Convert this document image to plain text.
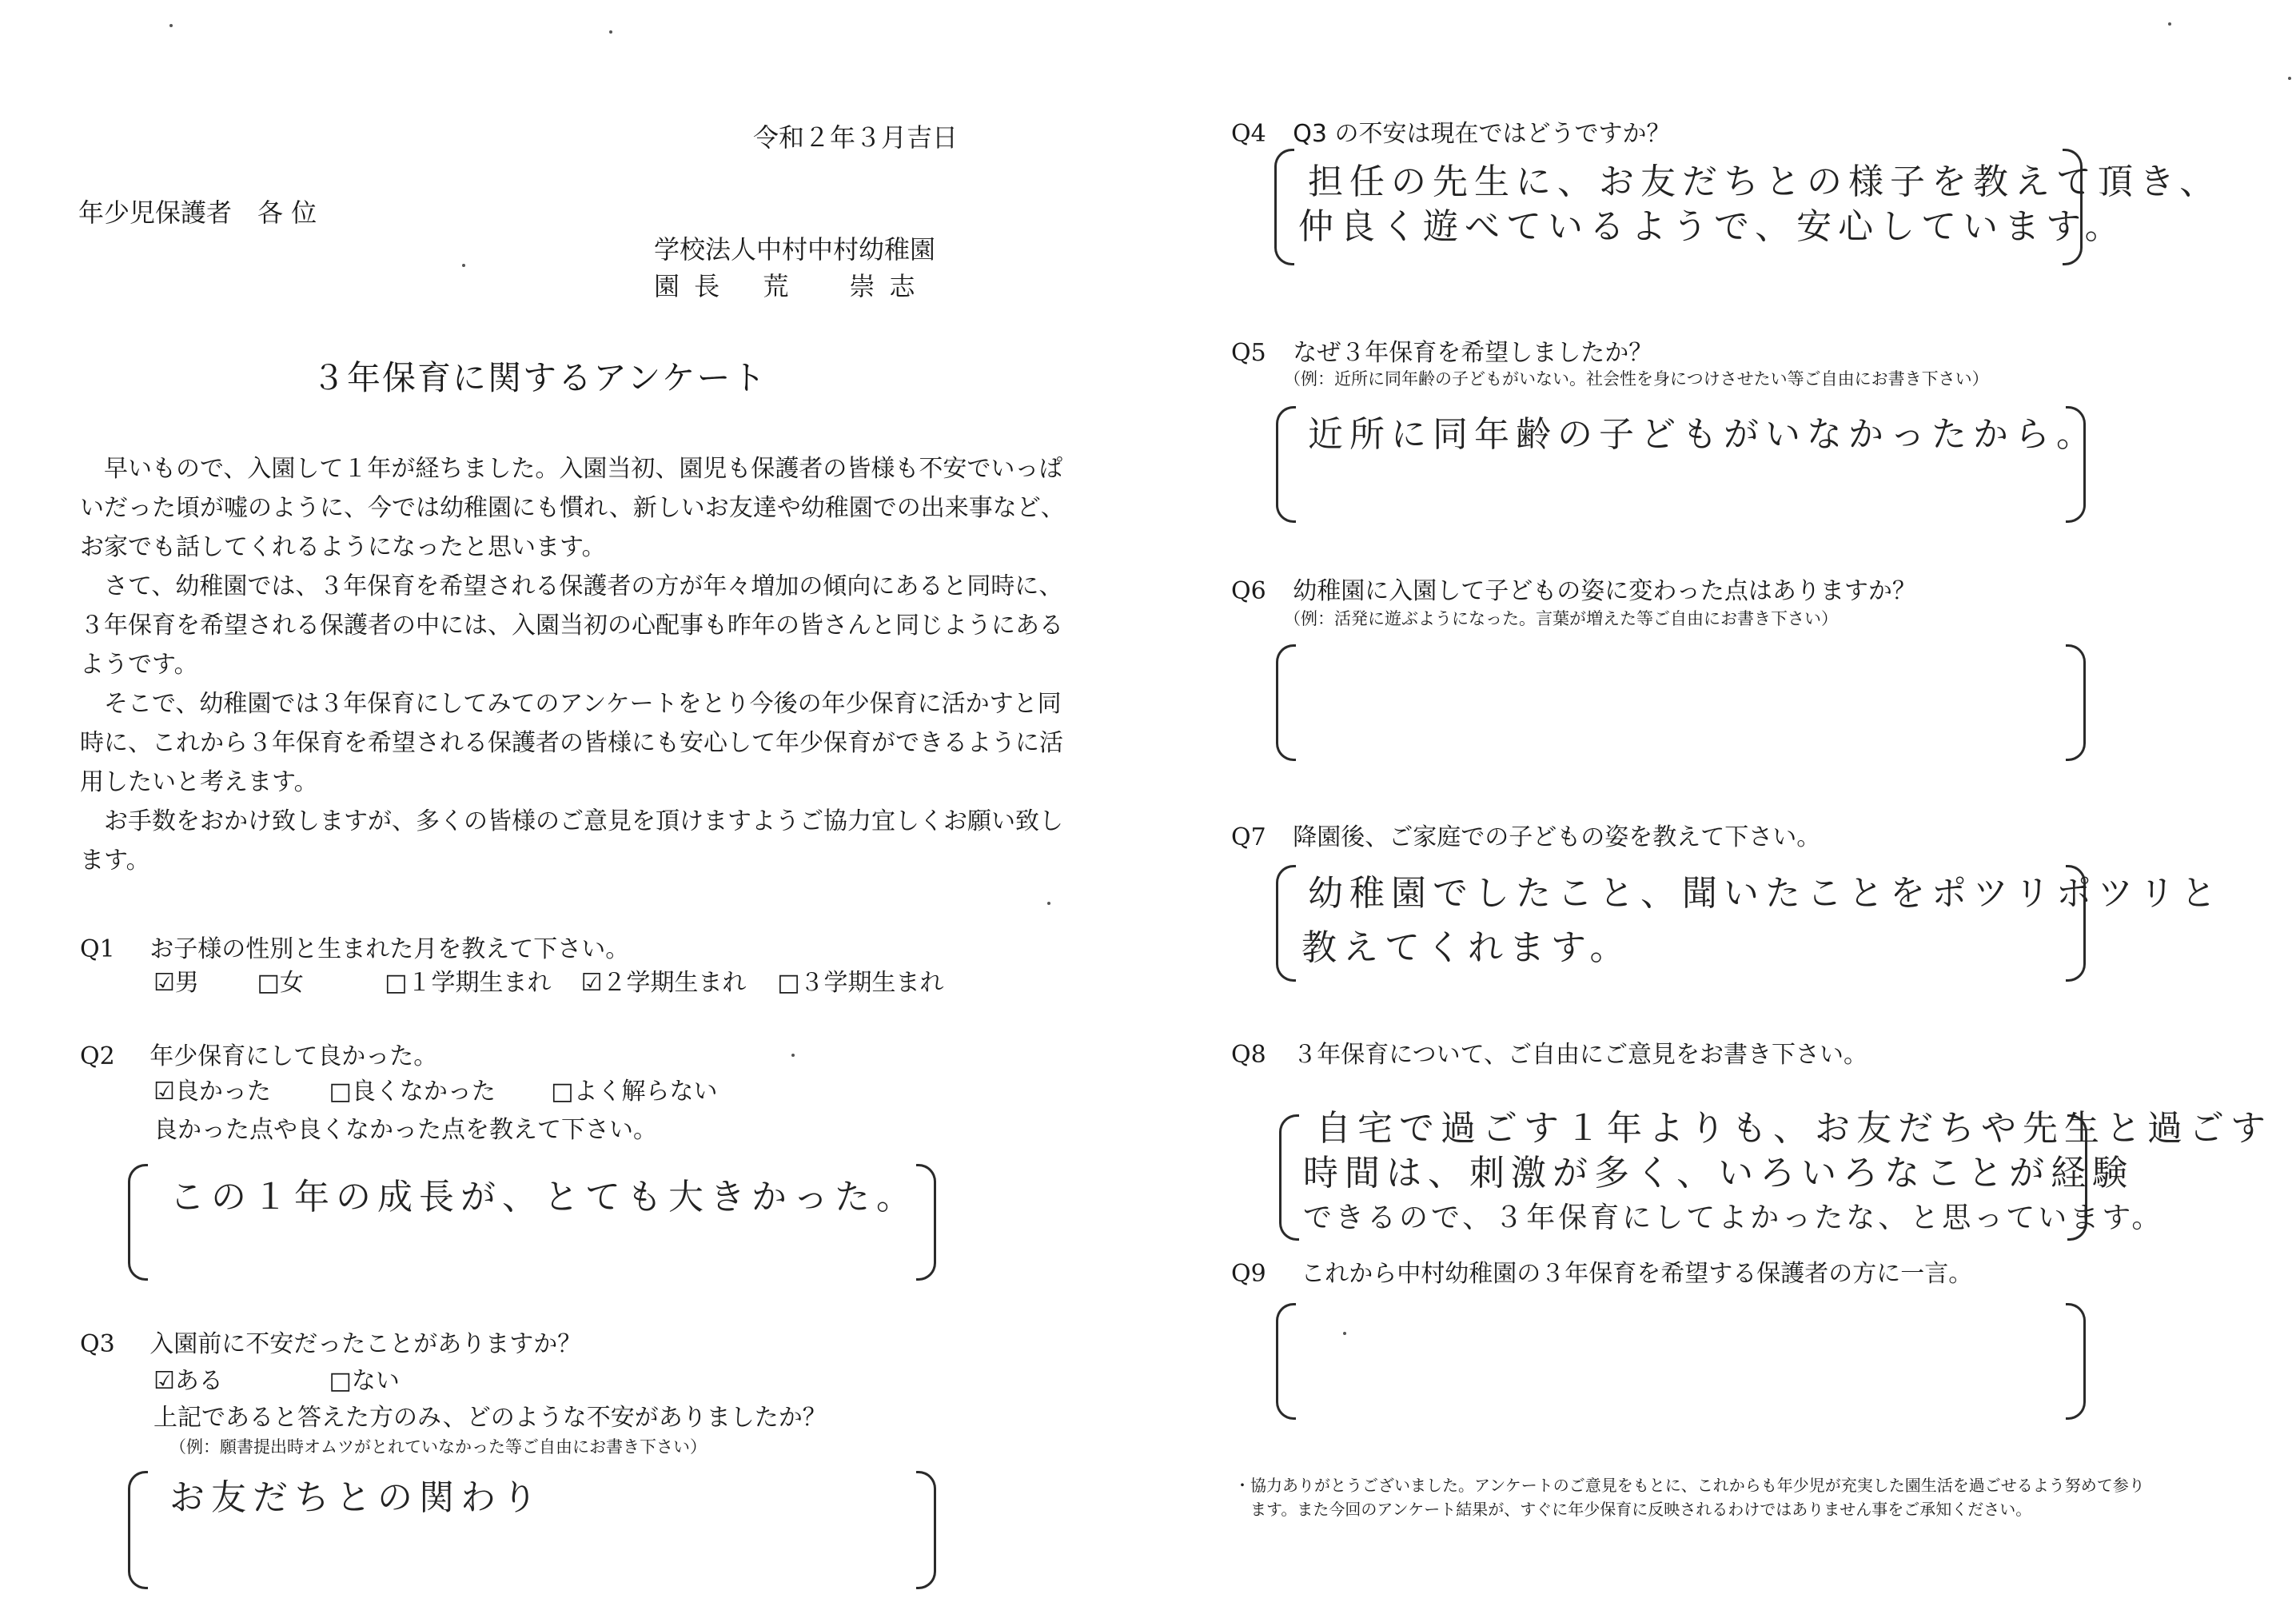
令和２年３月吉日
年少児保護者　各 位
学校法人中村中村幼稚園
園 長　 荒　　崇 志
３年保育に関するアンケート

　早いもので、入園して１年が経ちました。入園当初、園児も保護者の皆様も不安でいっぱ

いだった頃が嘘のように、今では幼稚園にも慣れ、新しいお友達や幼稚園での出来事など、

お家でも話してくれるようになったと思います。

　さて、幼稚園では、３年保育を希望される保護者の方が年々増加の傾向にあると同時に、

３年保育を希望される保護者の中には、入園当初の心配事も昨年の皆さんと同じようにある

ようです。

　そこで、幼稚園では３年保育にしてみてのアンケートをとり今後の年少保育に活かすと同

時に、これから３年保育を希望される保護者の皆様にも安心して年少保育ができるように活

用したいと考えます。

　お手数をおかけ致しますが、多くの皆様のご意見を頂けますようご協力宜しくお願い致し

ます。

Q1 お子様の性別と生まれた月を教えて下さい。
☑男 □女	□１学期生まれ ☑２学期生まれ □３学期生まれ
Q2 年少保育にして良かった。
☑良かった □良くなかった □よく解らない
良かった点や良くなかった点を教えて下さい。
この１年の成長が、とても大きかった。
Q3 入園前に不安だったことがありますか？
☑ある	□ない
上記であると答えた方のみ、どのような不安がありましたか？
（例：願書提出時オムツがとれていなかった等ご自由にお書き下さい）
お友だちとの関わり
Q4 Q3 の不安は現在ではどうですか？
担任の先生に、お友だちとの様子を教えて頂き、
仲良く遊べているようで、安心しています。
Q5 なぜ３年保育を希望しましたか？
（例：近所に同年齢の子どもがいない。社会性を身につけさせたい等ご自由にお書き下さい）
近所に同年齢の子どもがいなかったから。
Q6 幼稚園に入園して子どもの姿に変わった点はありますか？
（例：活発に遊ぶようになった。言葉が増えた等ご自由にお書き下さい）
Q7 降園後、ご家庭での子どもの姿を教えて下さい。
幼稚園でしたこと、聞いたことをポツリポツリと
教えてくれます。
Q8 ３年保育について、ご自由にご意見をお書き下さい。
自宅で過ごす１年よりも、お友だちや先生と過ごす
時間は、刺激が多く、いろいろなことが経験
できるので、３年保育にしてよかったな、と思っています。
Q9 これから中村幼稚園の３年保育を希望する保護者の方に一言。
・協力ありがとうございました。アンケートのご意見をもとに、これからも年少児が充実した園生活を過ごせるよう努めて参り
　ます。また今回のアンケート結果が、すぐに年少保育に反映されるわけではありません事をご承知ください。
